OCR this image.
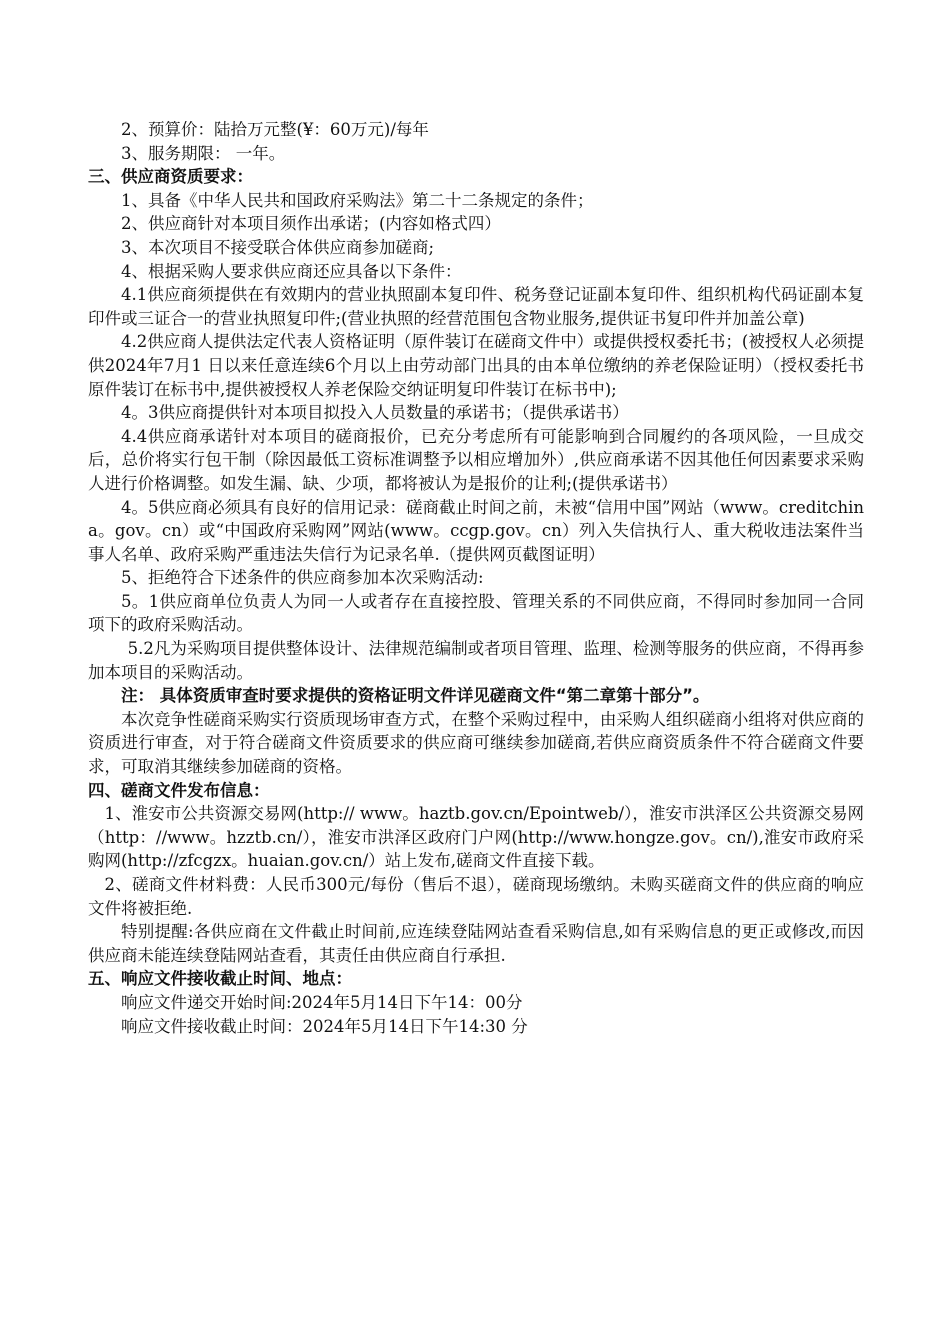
2、预算价：陆拾万元整(¥：60万元)/每年

3、服务期限： 一年。

三、供应商资质要求：

1、具备《中华人民共和国政府采购法》第二十二条规定的条件；

2、供应商针对本项目须作出承诺；(内容如格式四）

3、本次项目不接受联合体供应商参加磋商;

4、根据采购人要求供应商还应具备以下条件：

4.1供应商须提供在有效期内的营业执照副本复印件、税务登记证副本复印件、组织机构代码证副本复印件或三证合一的营业执照复印件;(营业执照的经营范围包含物业服务,提供证书复印件并加盖公章)

4.2供应商人提供法定代表人资格证明（原件装订在磋商文件中）或提供授权委托书；(被授权人必须提供2024年7月1 日以来任意连续6个月以上由劳动部门出具的由本单位缴纳的养老保险证明）（授权委托书原件装订在标书中,提供被授权人养老保险交纳证明复印件装订在标书中);

4。3供应商提供针对本项目拟投入人员数量的承诺书；（提供承诺书）

4.4供应商承诺针对本项目的磋商报价，已充分考虑所有可能影响到合同履约的各项风险，一旦成交后，总价将实行包干制（除因最低工资标准调整予以相应增加外）,供应商承诺不因其他任何因素要求采购人进行价格调整。如发生漏、缺、少项，都将被认为是报价的让利;(提供承诺书）

4。5供应商必须具有良好的信用记录：磋商截止时间之前，未被“信用中国”网站（www。creditchina。gov。cn）或“中国政府采购网”网站(www。ccgp.gov。cn）列入失信执行人、重大税收违法案件当事人名单、政府采购严重违法失信行为记录名单.（提供网页截图证明）

5、拒绝符合下述条件的供应商参加本次采购活动:

5。1供应商单位负责人为同一人或者存在直接控股、管理关系的不同供应商，不得同时参加同一合同项下的政府采购活动。

5.2凡为采购项目提供整体设计、法律规范编制或者项目管理、监理、检测等服务的供应商，不得再参加本项目的采购活动。

注： 具体资质审查时要求提供的资格证明文件详见磋商文件“第二章第十部分”。

本次竞争性磋商采购实行资质现场审查方式，在整个采购过程中，由采购人组织磋商小组将对供应商的资质进行审查，对于符合磋商文件资质要求的供应商可继续参加磋商,若供应商资质条件不符合磋商文件要求，可取消其继续参加磋商的资格。

四、磋商文件发布信息：

1、淮安市公共资源交易网(http:// www。haztb.gov.cn/Epointweb/），淮安市洪泽区公共资源交易网（http：//www。hzztb.cn/），淮安市洪泽区政府门户网(http://www.hongze.gov。cn/),淮安市政府采购网(http://zfcgzx。huaian.gov.cn/）站上发布,磋商文件直接下载。

2、磋商文件材料费：人民币300元/每份（售后不退），磋商现场缴纳。未购买磋商文件的供应商的响应文件将被拒绝.

特别提醒:各供应商在文件截止时间前,应连续登陆网站查看采购信息,如有采购信息的更正或修改,而因供应商未能连续登陆网站查看，其责任由供应商自行承担.

五、响应文件接收截止时间、地点：

响应文件递交开始时间:2024年5月14日下午14：00分

响应文件接收截止时间：2024年5月14日下午14:30 分
